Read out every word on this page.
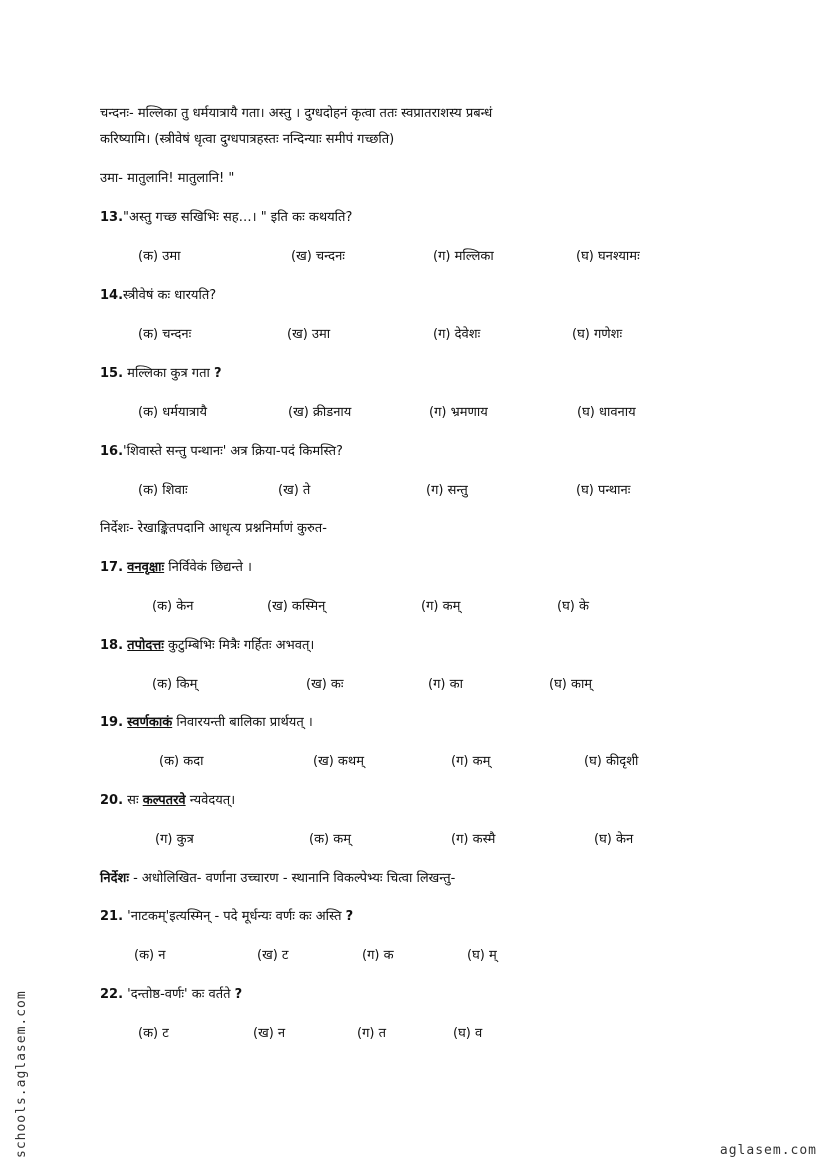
चन्दनः- मल्लिका तु धर्मयात्रायै गता। अस्तु । दुग्धदोहनं कृत्वा ततः स्वप्रातराशस्य प्रबन्धं
करिष्यामि। (स्त्रीवेषं धृत्वा दुग्धपात्रहस्तः नन्दिन्याः समीपं गच्छति)
उमा- मातुलानि! मातुलानि! "
13."अस्तु गच्छ सखिभिः सह…। " इति कः कथयति?
(क) उमा	(ख) चन्दनः	(ग) मल्लिका	(घ) घनश्यामः
14.स्त्रीवेषं कः धारयति?
(क) चन्दनः	(ख) उमा	(ग) देवेशः	(घ) गणेशः
15. मल्लिका कुत्र गता ?
(क) धर्मयात्रायै	(ख) क्रीडनाय	(ग) भ्रमणाय	(घ) धावनाय
16.'शिवास्ते सन्तु पन्थानः' अत्र क्रिया-पदं किमस्ति?
(क) शिवाः	(ख) ते	(ग) सन्तु	(घ) पन्थानः
निर्देशः- रेखाङ्कितपदानि आधृत्य प्रश्ननिर्माणं कुरुत-
17. वनवृक्षाः निर्विवेकं छिद्यन्ते ।
(क) केन	(ख) कस्मिन्	(ग) कम्	(घ) के
18. तपोदत्तः कुटुम्बिभिः मित्रैः गर्हितः अभवत्।
(क) किम्	(ख) कः	(ग) का	(घ) काम्
19. स्वर्णकाकं निवारयन्ती बालिका प्रार्थयत् ।
(क) कदा	(ख) कथम्	(ग) कम्	(घ) कीदृशी
20. सः कल्पतरवे न्यवेदयत्।
(ग) कुत्र	(क) कम्	(ग) कस्मै	(घ) केन
निर्देशः - अधोलिखित- वर्णाना उच्चारण - स्थानानि विकल्पेभ्यः चित्वा लिखन्तु-
21. 'नाटकम्'इत्यस्मिन् - पदे मूर्धन्यः वर्णः कः अस्ति ?
(क) न	(ख) ट	(ग) क	(घ) म्
22. 'दन्तोष्ठ-वर्णः' कः वर्तते ?
(क) ट	(ख) न	(ग) त	(घ) व
schools.aglasem.com	aglasem.com
